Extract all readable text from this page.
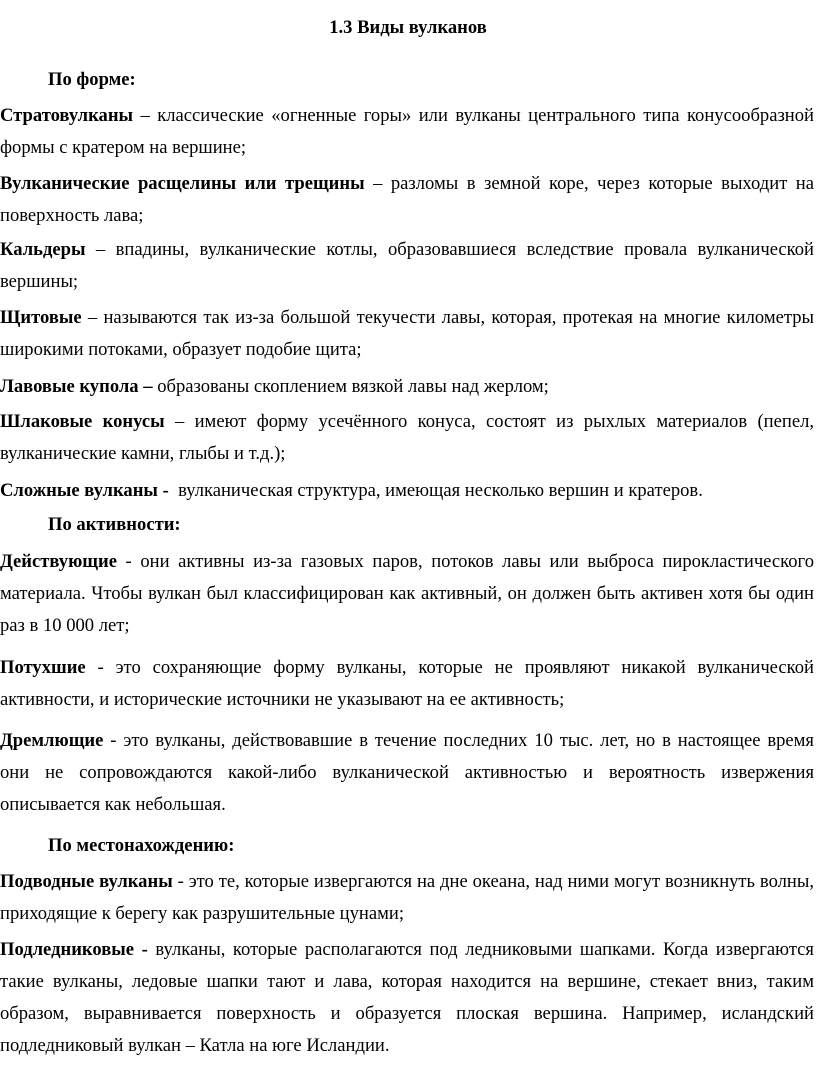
1.3 Виды вулканов
По форме:
Стратовулканы – классические «огненные горы» или вулканы центрального типа конусообразной формы с кратером на вершине;
Вулканические расщелины или трещины – разломы в земной коре, через которые выходит на поверхность лава;
Кальдеры – впадины, вулканические котлы, образовавшиеся вследствие провала вулканической вершины;
Щитовые – называются так из-за большой текучести лавы, которая, протекая на многие километры широкими потоками, образует подобие щита;
Лавовые купола – образованы скоплением вязкой лавы над жерлом;
Шлаковые конусы – имеют форму усечённого конуса, состоят из рыхлых материалов (пепел, вулканические камни, глыбы и т.д.);
Сложные вулканы - вулканическая структура, имеющая несколько вершин и кратеров.
По активности:
Действующие - они активны из-за газовых паров, потоков лавы или выброса пирокластического материала. Чтобы вулкан был классифицирован как активный, он должен быть активен хотя бы один раз в 10 000 лет;
Потухшие - это сохраняющие форму вулканы, которые не проявляют никакой вулканической активности, и исторические источники не указывают на ее активность;
Дремлющие - это вулканы, действовавшие в течение последних 10 тыс. лет, но в настоящее время они не сопровождаются какой-либо вулканической активностью и вероятность извержения описывается как небольшая.
По местонахождению:
Подводные вулканы - это те, которые извергаются на дне океана, над ними могут возникнуть волны, приходящие к берегу как разрушительные цунами;
Подледниковые - вулканы, которые располагаются под ледниковыми шапками. Когда извергаются такие вулканы, ледовые шапки тают и лава, которая находится на вершине, стекает вниз, таким образом, выравнивается поверхность и образуется плоская вершина. Например, исландский подледниковый вулкан – Катла на юге Исландии.
